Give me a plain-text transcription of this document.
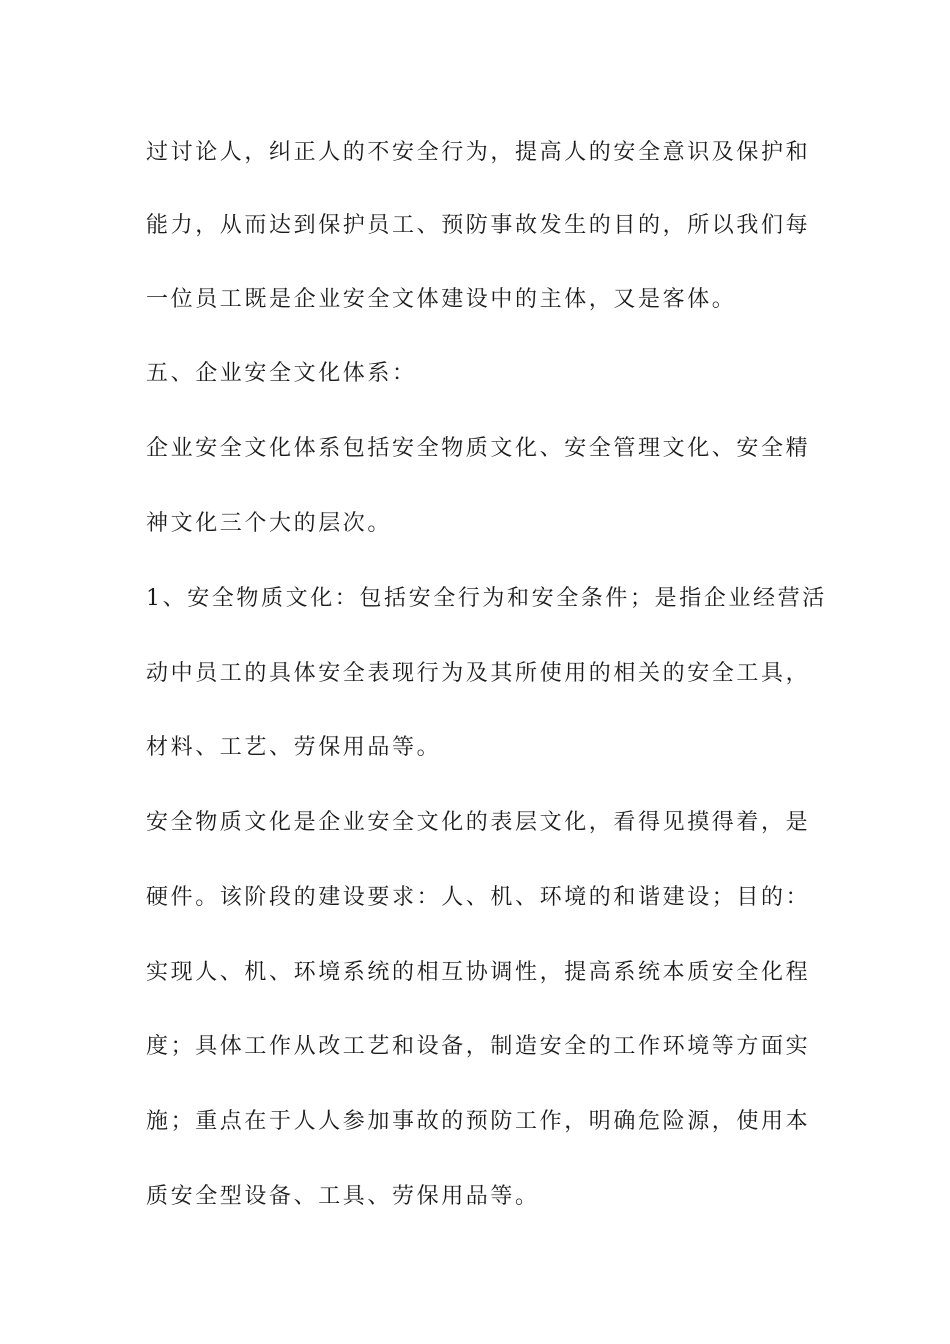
过讨论人，纠正人的不安全行为，提高人的安全意识及保护和
能力，从而达到保护员工、预防事故发生的目的，所以我们每
一位员工既是企业安全文体建设中的主体，又是客体。
五、企业安全文化体系：
企业安全文化体系包括安全物质文化、安全管理文化、安全精
神文化三个大的层次。
1、安全物质文化：包括安全行为和安全条件；是指企业经营活
动中员工的具体安全表现行为及其所使用的相关的安全工具，
材料、工艺、劳保用品等。
安全物质文化是企业安全文化的表层文化，看得见摸得着，是
硬件。该阶段的建设要求：人、机、环境的和谐建设；目的：
实现人、机、环境系统的相互协调性，提高系统本质安全化程
度；具体工作从改工艺和设备，制造安全的工作环境等方面实
施；重点在于人人参加事故的预防工作，明确危险源，使用本
质安全型设备、工具、劳保用品等。
